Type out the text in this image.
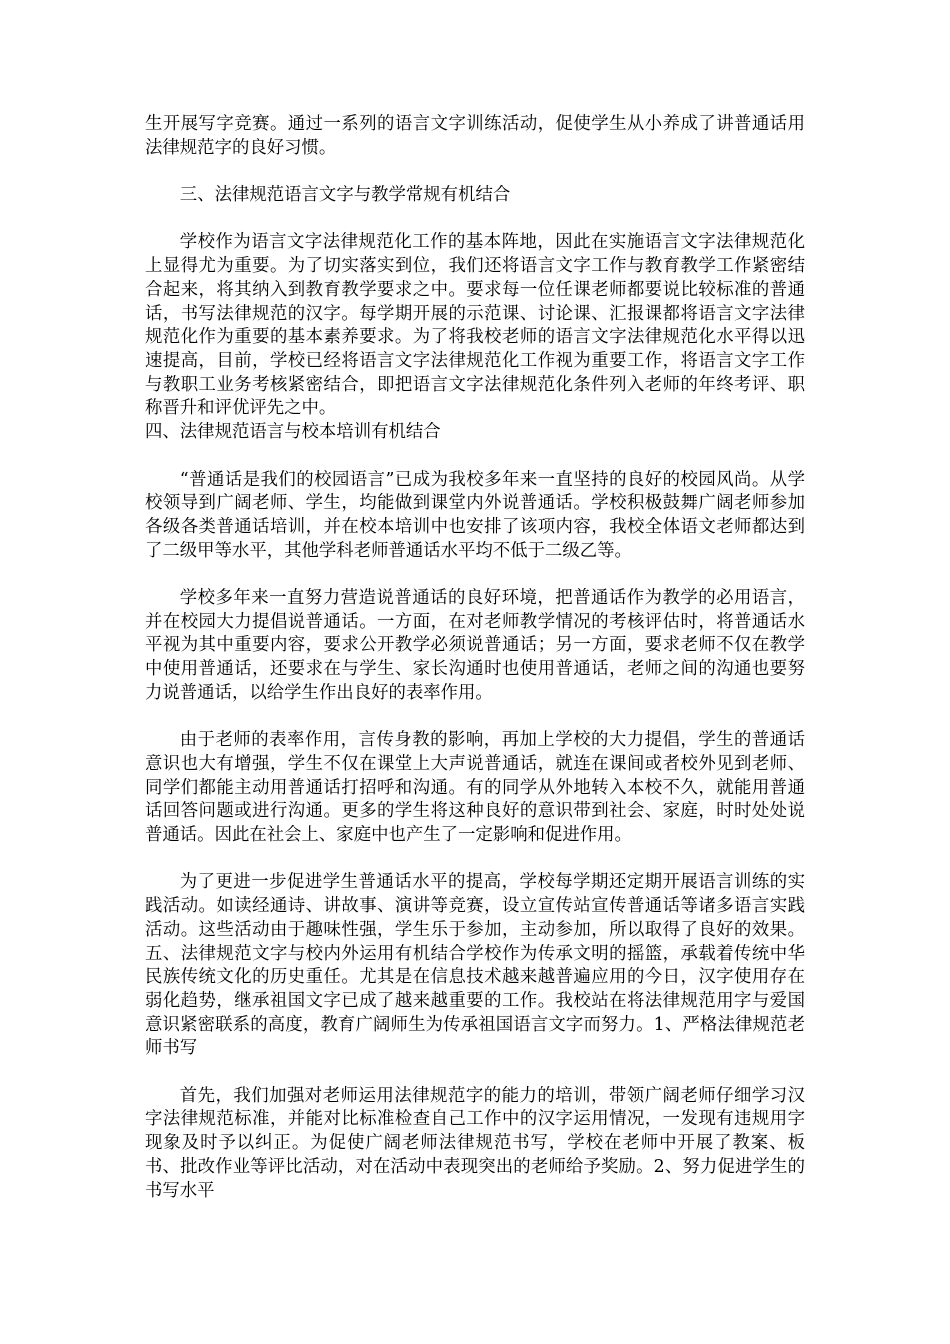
生开展写字竞赛。通过一系列的语言文字训练活动，促使学生从小养成了讲普通话用法律规范字的良好习惯。

三、法律规范语言文字与教学常规有机结合

学校作为语言文字法律规范化工作的基本阵地，因此在实施语言文字法律规范化上显得尤为重要。为了切实落实到位，我们还将语言文字工作与教育教学工作紧密结合起来，将其纳入到教育教学要求之中。要求每一位任课老师都要说比较标准的普通话，书写法律规范的汉字。每学期开展的示范课、讨论课、汇报课都将语言文字法律规范化作为重要的基本素养要求。为了将我校老师的语言文字法律规范化水平得以迅速提高，目前，学校已经将语言文字法律规范化工作视为重要工作，将语言文字工作与教职工业务考核紧密结合，即把语言文字法律规范化条件列入老师的年终考评、职称晋升和评优评先之中。

四、法律规范语言与校本培训有机结合

“普通话是我们的校园语言”已成为我校多年来一直坚持的良好的校园风尚。从学校领导到广阔老师、学生，均能做到课堂内外说普通话。学校积极鼓舞广阔老师参加各级各类普通话培训，并在校本培训中也安排了该项内容，我校全体语文老师都达到了二级甲等水平，其他学科老师普通话水平均不低于二级乙等。

学校多年来一直努力营造说普通话的良好环境，把普通话作为教学的必用语言，并在校园大力提倡说普通话。一方面，在对老师教学情况的考核评估时，将普通话水平视为其中重要内容，要求公开教学必须说普通话；另一方面，要求老师不仅在教学中使用普通话，还要求在与学生、家长沟通时也使用普通话，老师之间的沟通也要努力说普通话，以给学生作出良好的表率作用。

由于老师的表率作用，言传身教的影响，再加上学校的大力提倡，学生的普通话意识也大有增强，学生不仅在课堂上大声说普通话，就连在课间或者校外见到老师、同学们都能主动用普通话打招呼和沟通。有的同学从外地转入本校不久，就能用普通话回答问题或进行沟通。更多的学生将这种良好的意识带到社会、家庭，时时处处说普通话。因此在社会上、家庭中也产生了一定影响和促进作用。

为了更进一步促进学生普通话水平的提高，学校每学期还定期开展语言训练的实践活动。如读经通诗、讲故事、演讲等竞赛，设立宣传站宣传普通话等诸多语言实践活动。这些活动由于趣味性强，学生乐于参加，主动参加，所以取得了良好的效果。五、法律规范文字与校内外运用有机结合学校作为传承文明的摇篮，承载着传统中华民族传统文化的历史重任。尤其是在信息技术越来越普遍应用的今日，汉字使用存在弱化趋势，继承祖国文字已成了越来越重要的工作。我校站在将法律规范用字与爱国意识紧密联系的高度，教育广阔师生为传承祖国语言文字而努力。1、严格法律规范老师书写

首先，我们加强对老师运用法律规范字的能力的培训，带领广阔老师仔细学习汉字法律规范标准，并能对比标准检查自己工作中的汉字运用情况，一发现有违规用字现象及时予以纠正。为促使广阔老师法律规范书写，学校在老师中开展了教案、板书、批改作业等评比活动，对在活动中表现突出的老师给予奖励。2、努力促进学生的书写水平
